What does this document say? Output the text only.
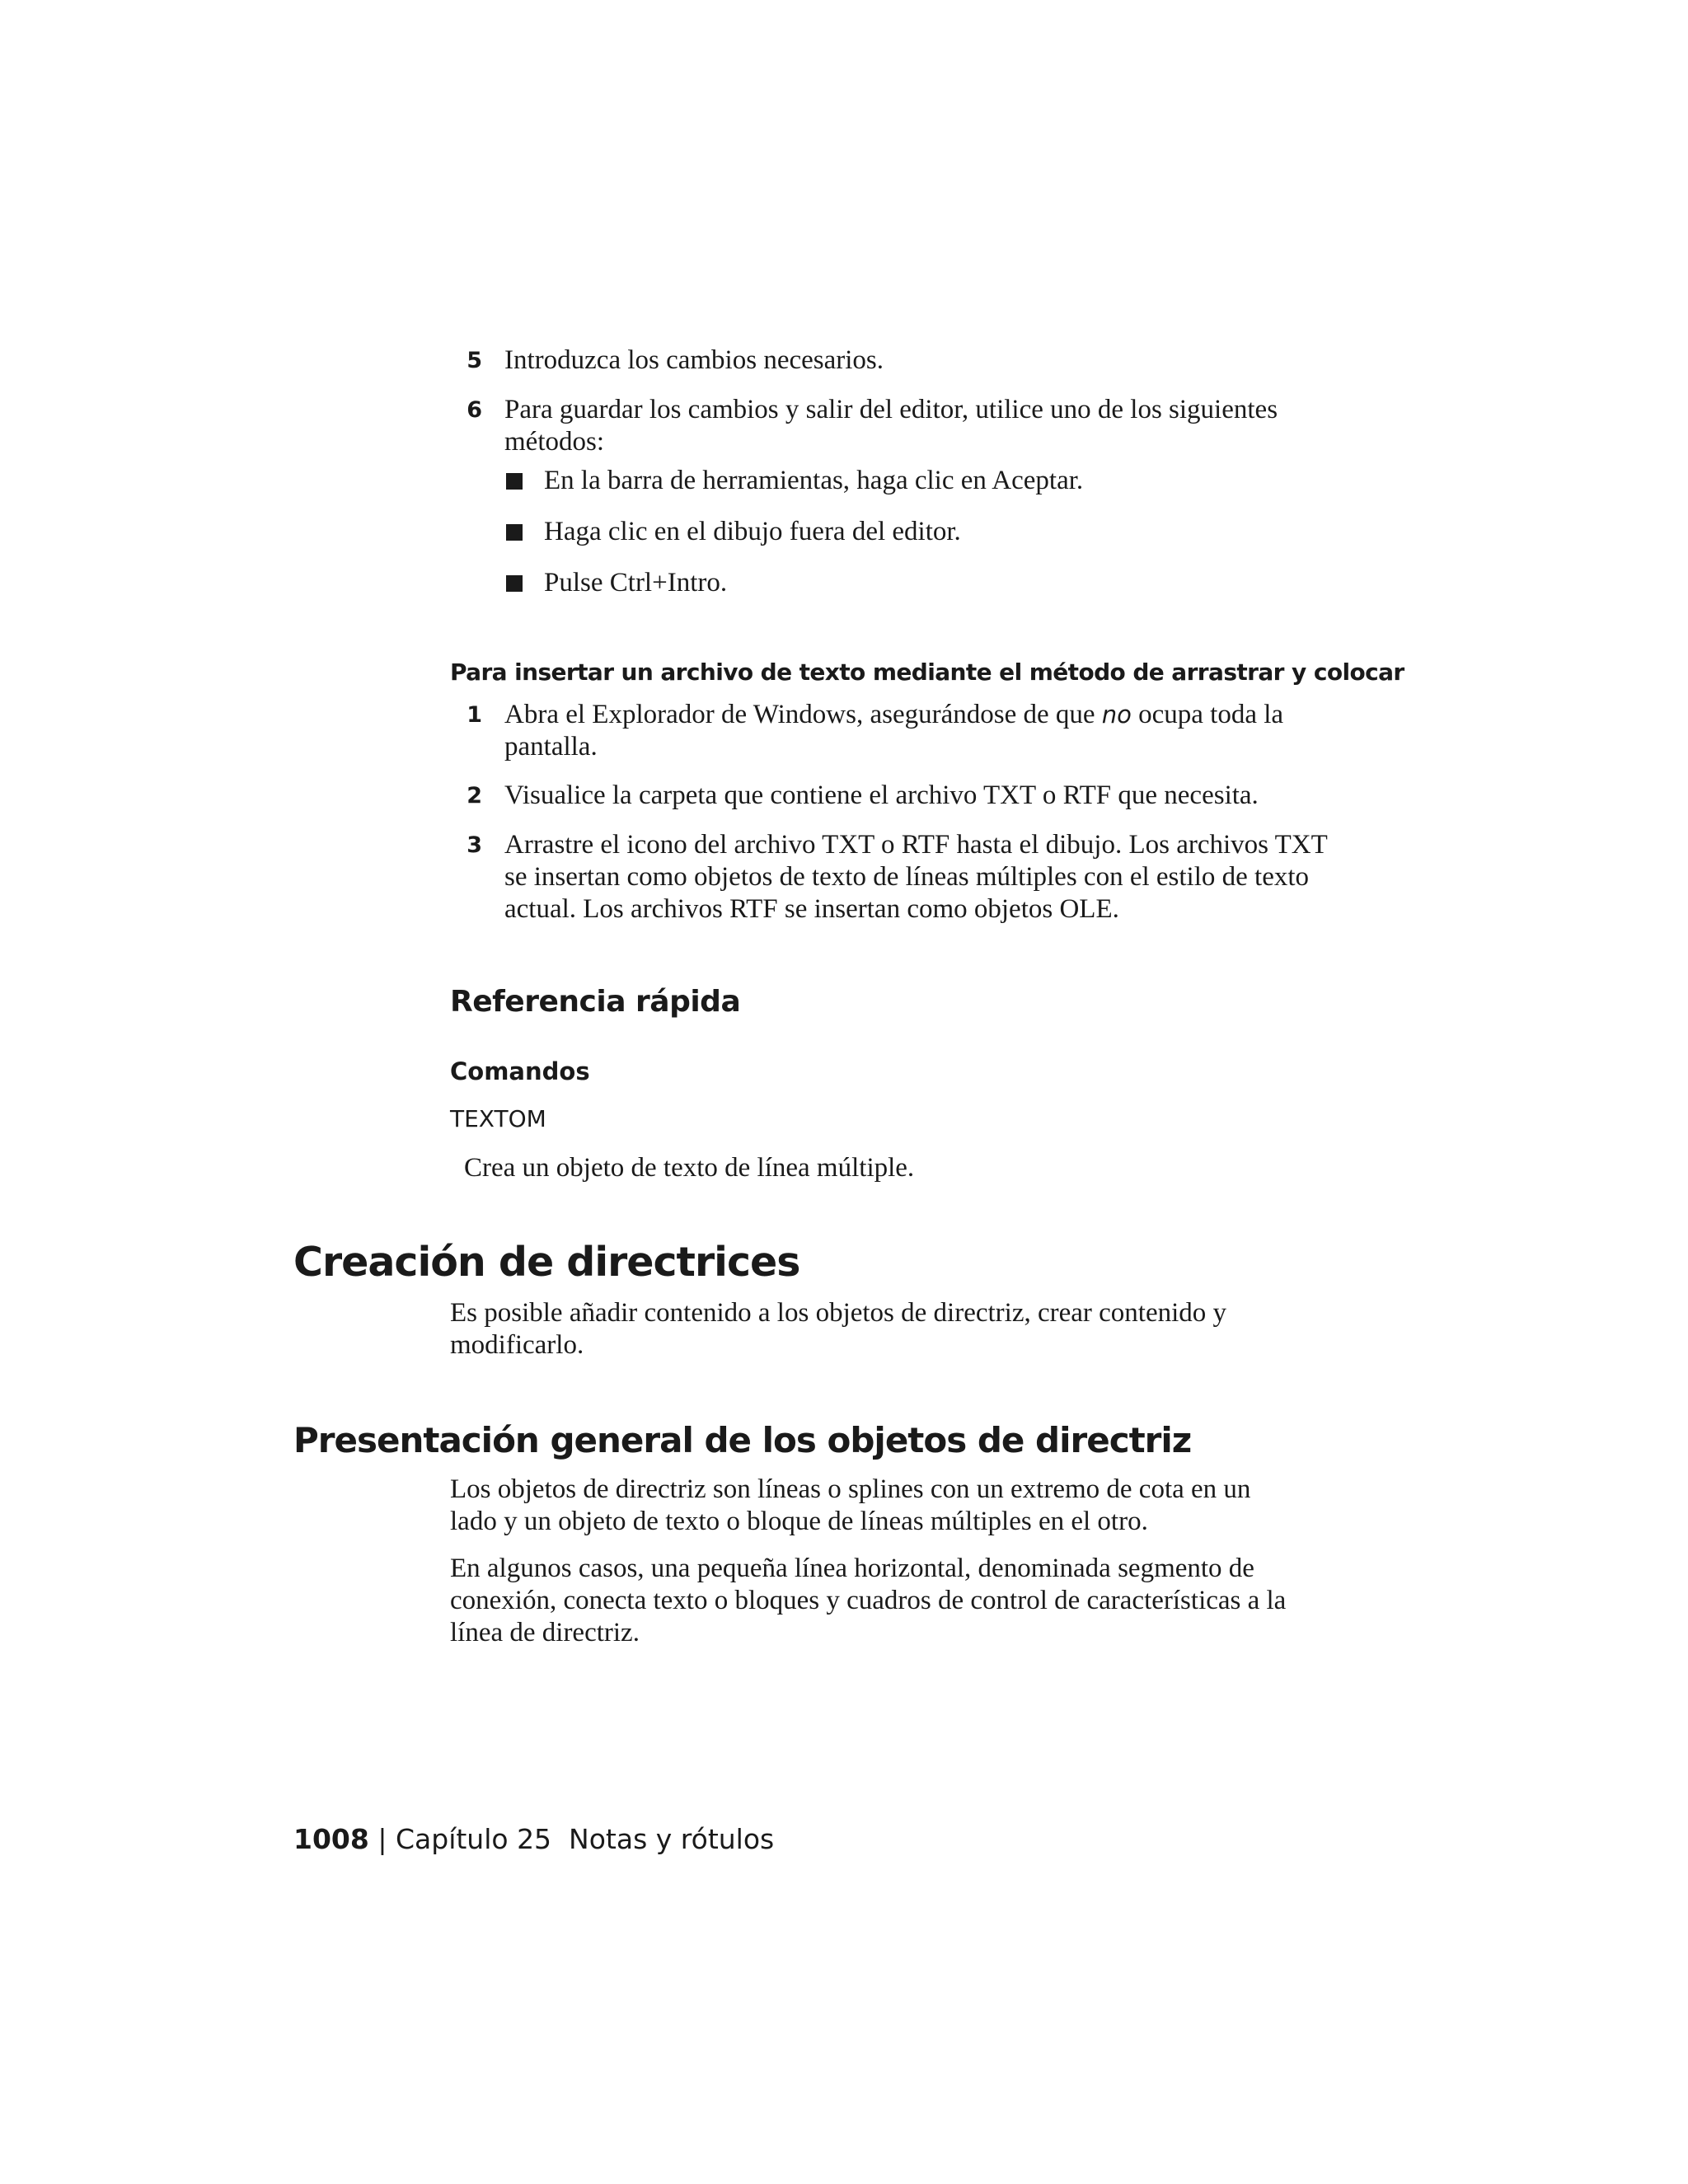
5 Introduzca los cambios necesarios.
6 Para guardar los cambios y salir del editor, utilice uno de los siguientes métodos:
En la barra de herramientas, haga clic en Aceptar.
Haga clic en el dibujo fuera del editor.
Pulse Ctrl+Intro.
Para insertar un archivo de texto mediante el método de arrastrar y colocar
1 Abra el Explorador de Windows, asegurándose de que no ocupa toda la pantalla.
2 Visualice la carpeta que contiene el archivo TXT o RTF que necesita.
3 Arrastre el icono del archivo TXT o RTF hasta el dibujo. Los archivos TXT se insertan como objetos de texto de líneas múltiples con el estilo de texto actual. Los archivos RTF se insertan como objetos OLE.
Referencia rápida
Comandos
TEXTOM
Crea un objeto de texto de línea múltiple.
Creación de directrices
Es posible añadir contenido a los objetos de directriz, crear contenido y modificarlo.
Presentación general de los objetos de directriz
Los objetos de directriz son líneas o splines con un extremo de cota en un lado y un objeto de texto o bloque de líneas múltiples en el otro.
En algunos casos, una pequeña línea horizontal, denominada segmento de conexión, conecta texto o bloques y cuadros de control de características a la línea de directriz.
1008 | Capítulo 25 Notas y rótulos
